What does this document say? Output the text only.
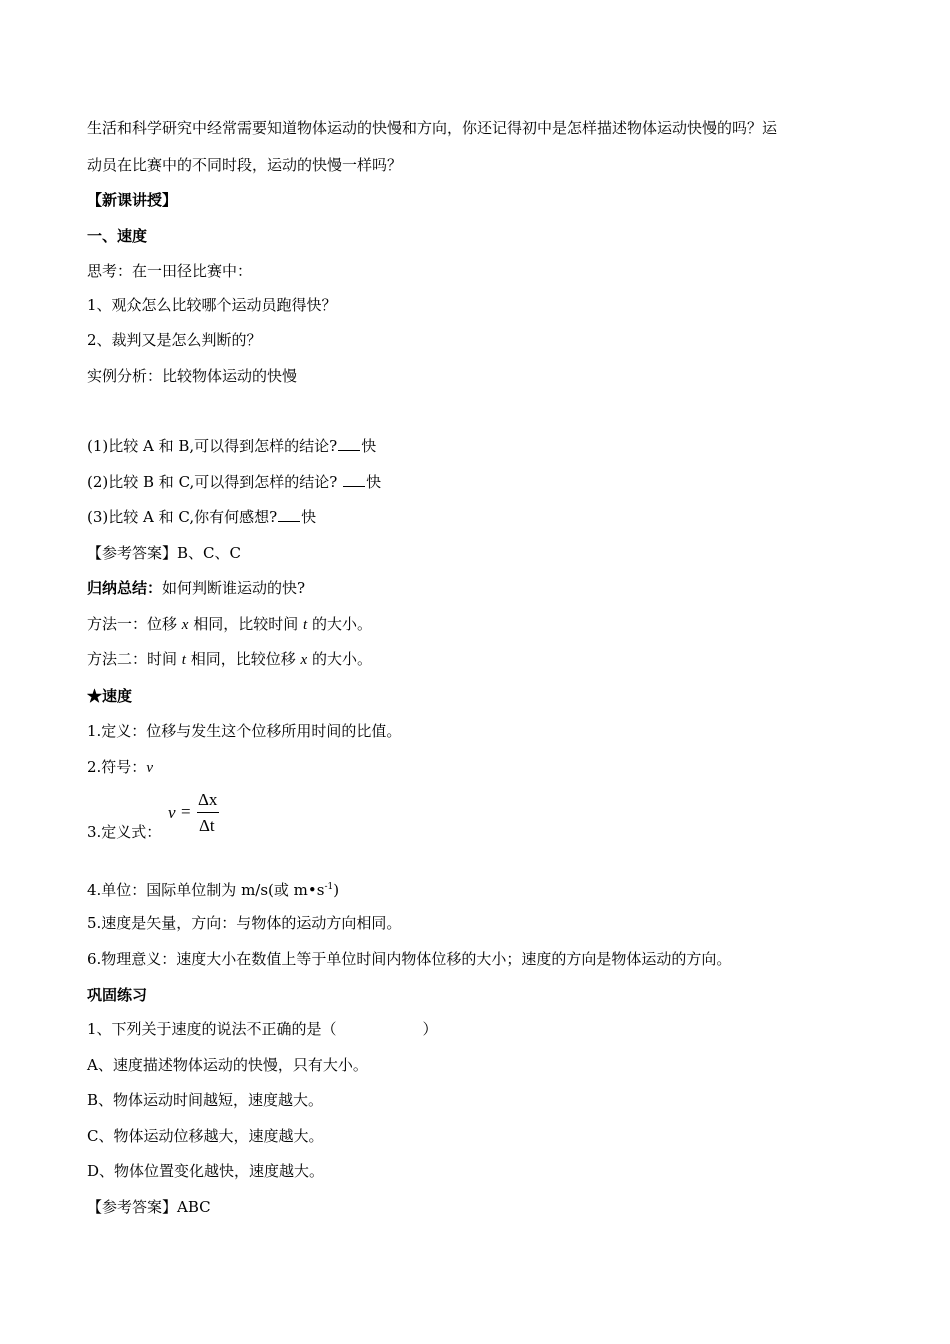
生活和科学研究中经常需要知道物体运动的快慢和方向，你还记得初中是怎样描述物体运动快慢的吗？运
动员在比赛中的不同时段，运动的快慢一样吗？
【新课讲授】
一、速度
思考：在一田径比赛中：
1、观众怎么比较哪个运动员跑得快？
2、裁判又是怎么判断的？
实例分析：比较物体运动的快慢
(1)比较 A 和 B,可以得到怎样的结论? 快
(2)比较 B 和 C,可以得到怎样的结论? 快
(3)比较 A 和 C,你有何感想? 快
【参考答案】B、C、C
归纳总结：如何判断谁运动的快?
方法一：位移 x 相同，比较时间 t 的大小。
方法二：时间 t 相同，比较位移 x 的大小。
★速度
1.定义：位移与发生这个位移所用时间的比值。
2.符号：v
3.定义式：
v =
Δx
Δt
4.单位：国际单位制为 m/s(或 $m•s^{-1}$)
5.速度是矢量，方向：与物体的运动方向相同。
6.物理意义：速度大小在数值上等于单位时间内物体位移的大小；速度的方向是物体运动的方向。
巩固练习
1、下列关于速度的说法不正确的是（	）
A、速度描述物体运动的快慢，只有大小。
B、物体运动时间越短，速度越大。
C、物体运动位移越大，速度越大。
D、物体位置变化越快，速度越大。
【参考答案】ABC
